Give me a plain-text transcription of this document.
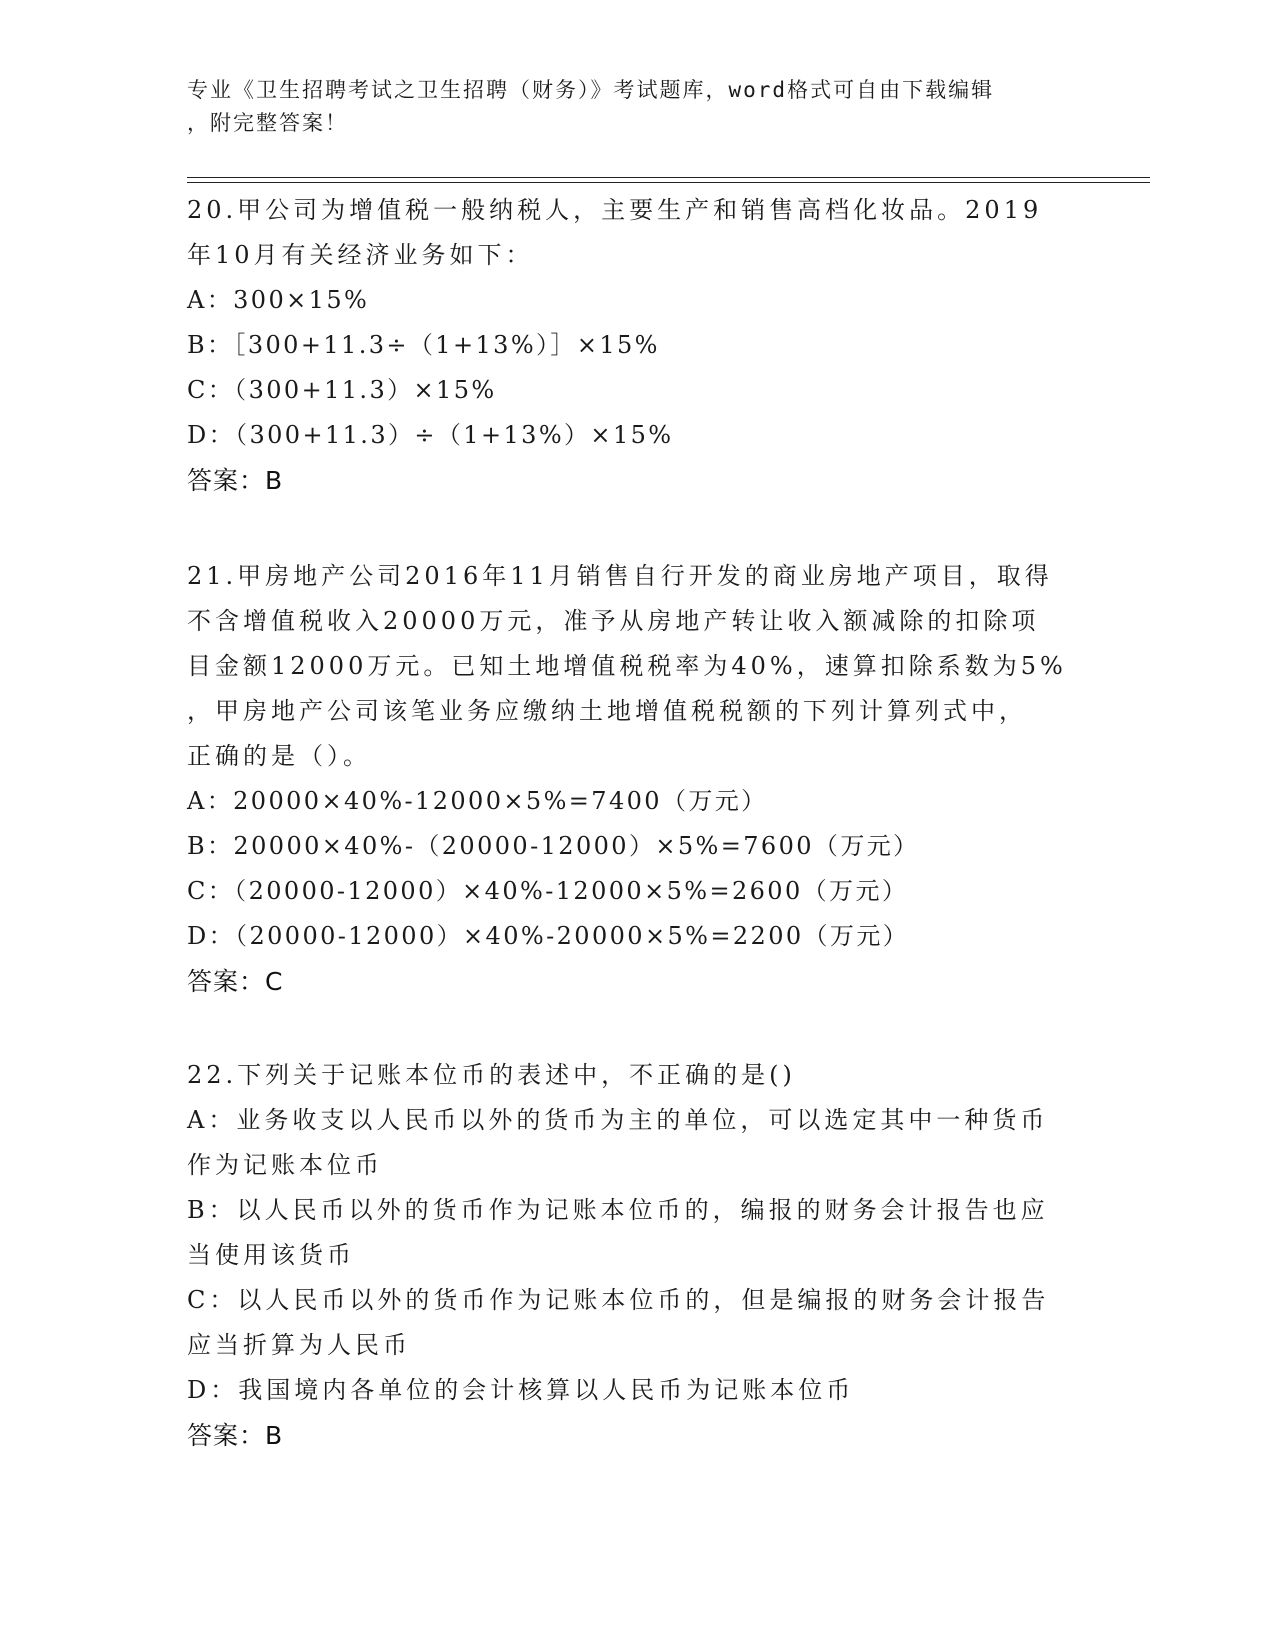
专业《卫生招聘考试之卫生招聘（财务）》考试题库，word格式可自由下载编辑
，附完整答案！
20.甲公司为增值税一般纳税人，主要生产和销售高档化妆品。2019
年10月有关经济业务如下：
A：300×15%
B：［300+11.3÷（1+13%）］×15%
C：（300+11.3）×15%
D：（300+11.3）÷（1+13%）×15%
答案：B
21.甲房地产公司2016年11月销售自行开发的商业房地产项目，取得
不含增值税收入20000万元，准予从房地产转让收入额减除的扣除项
目金额12000万元。已知土地增值税税率为40%，速算扣除系数为5%
，甲房地产公司该笔业务应缴纳土地增值税税额的下列计算列式中，
正确的是（）。
A：20000×40%-12000×5%=7400（万元）
B：20000×40%-（20000-12000）×5%=7600（万元）
C：（20000-12000）×40%-12000×5%=2600（万元）
D：（20000-12000）×40%-20000×5%=2200（万元）
答案：C
22.下列关于记账本位币的表述中，不正确的是()
A：业务收支以人民币以外的货币为主的单位，可以选定其中一种货币
作为记账本位币
B：以人民币以外的货币作为记账本位币的，编报的财务会计报告也应
当使用该货币
C：以人民币以外的货币作为记账本位币的，但是编报的财务会计报告
应当折算为人民币
D：我国境内各单位的会计核算以人民币为记账本位币
答案：B
